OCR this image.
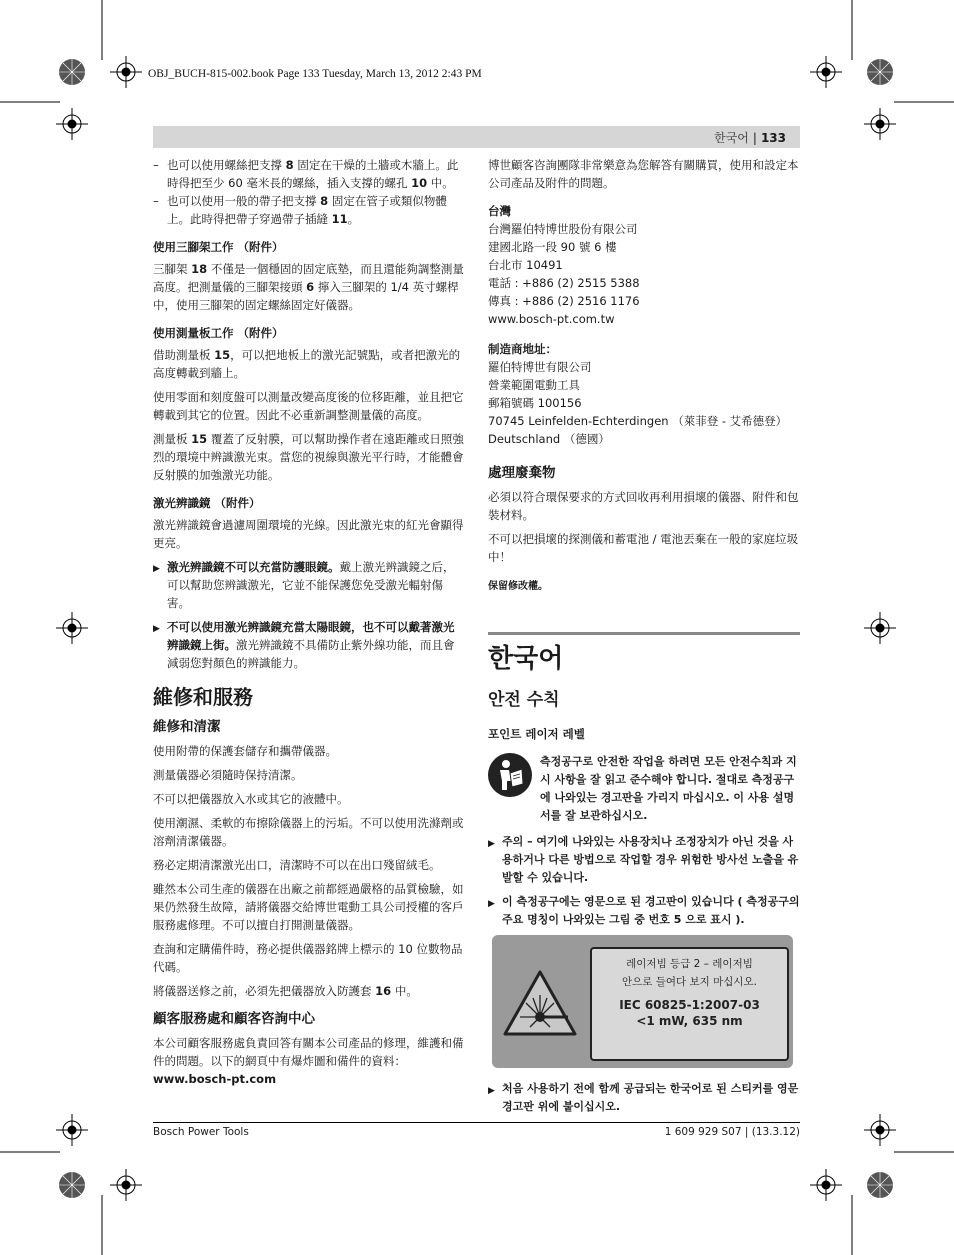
OBJ_BUCH-815-002.book Page 133 Tuesday, March 13, 2012 2:43 PM
한국어 | 133
– 也可以使用螺絲把支撐 8 固定在干燥的土牆或木牆上。此時得把至少 60 毫米長的螺絲，插入支撐的螺孔 10 中。
– 也可以使用一般的帶子把支撐 8 固定在管子或類似物體上。此時得把帶子穿過帶子插縫 11。
使用三腳架工作 （附件）

三腳架 18 不僅是一個穩固的固定底墊，而且還能夠調整測量高度。把測量儀的三腳架接頭 6 擰入三腳架的 1/4 英寸螺桿中，使用三腳架的固定螺絲固定好儀器。

使用測量板工作 （附件）

借助測量板 15，可以把地板上的激光記號點，或者把激光的高度轉載到牆上。

使用零面和刻度盤可以測量改變高度後的位移距離，並且把它轉載到其它的位置。因此不必重新調整測量儀的高度。

測量板 15 覆蓋了反射膜，可以幫助操作者在遠距離或日照強烈的環境中辨識激光束。當您的視線與激光平行時，才能體會反射膜的加強激光功能。

激光辨識鏡 （附件）

激光辨識鏡會過濾周圍環境的光線。因此激光束的紅光會顯得更亮。

▶ 激光辨識鏡不可以充當防護眼鏡。戴上激光辨識鏡之后，可以幫助您辨識激光，它並不能保護您免受激光輻射傷害。
▶ 不可以使用激光辨識鏡充當太陽眼鏡，也不可以戴著激光辨識鏡上街。激光辨識鏡不具備防止紫外線功能，而且會減弱您對顏色的辨識能力。
維修和服務
維修和清潔

使用附帶的保護套儲存和攜帶儀器。

測量儀器必須隨時保持清潔。

不可以把儀器放入水或其它的液體中。

使用潮濕、柔軟的布擦除儀器上的污垢。不可以使用洗滌劑或溶劑清潔儀器。

務必定期清潔激光出口，清潔時不可以在出口殘留絨毛。

雖然本公司生產的儀器在出廠之前都經過嚴格的品質檢驗，如果仍然發生故障，請將儀器交給博世電動工具公司授權的客戶服務處修理。不可以擅自打開測量儀器。

查詢和定購備件時，務必提供儀器銘牌上標示的 10 位數物品代碼。

將儀器送修之前，必須先把儀器放入防護套 16 中。

顧客服務處和顧客咨詢中心

本公司顧客服務處負責回答有關本公司產品的修理，維護和備件的問題。以下的網頁中有爆炸圖和備件的資料：

www.bosch-pt.com

博世顧客咨詢團隊非常樂意為您解答有關購買，使用和設定本公司產品及附件的問題。

台灣
台灣羅伯特博世股份有限公司
建國北路一段 90 號 6 樓
台北市 10491
電話 : +886 (2) 2515 5388
傳真 : +886 (2) 2516 1176
www.bosch-pt.com.tw
制造商地址：
羅伯特博世有限公司
營業範圍電動工具
郵箱號碼 100156
70745 Leinfelden-Echterdingen （萊菲登 - 艾希德登）
Deutschland （德國）
處理廢棄物

必須以符合環保要求的方式回收再利用損壞的儀器、附件和包裝材料。

不可以把損壞的探測儀和蓄電池 / 電池丟棄在一般的家庭垃圾中！

保留修改權。
한국어
안전 수칙
포인트 레이저 레벨
측정공구로 안전한 작업을 하려면 모든 안전수칙과 지시 사항을 잘 읽고 준수해야 합니다. 절대로 측정공구에 나와있는 경고판을 가리지 마십시오. 이 사용 설명서를 잘 보관하십시오.
▶ 주의 – 여기에 나와있는 사용장치나 조정장치가 아닌 것을 사용하거나 다른 방법으로 작업할 경우 위험한 방사선 노출을 유발할 수 있습니다.
▶ 이 측정공구에는 영문으로 된 경고판이 있습니다 ( 측정공구의 주요 명칭이 나와있는 그림 중 번호 5 으로 표시 ).
레이저빔 등급 2 – 레이저빔
안으로 들여다 보지 마십시오.
IEC 60825-1:2007-03
<1 mW, 635 nm
▶ 처음 사용하기 전에 함께 공급되는 한국어로 된 스티커를 영문 경고판 위에 붙이십시오.
Bosch Power Tools	1 609 929 S07 | (13.3.12)
